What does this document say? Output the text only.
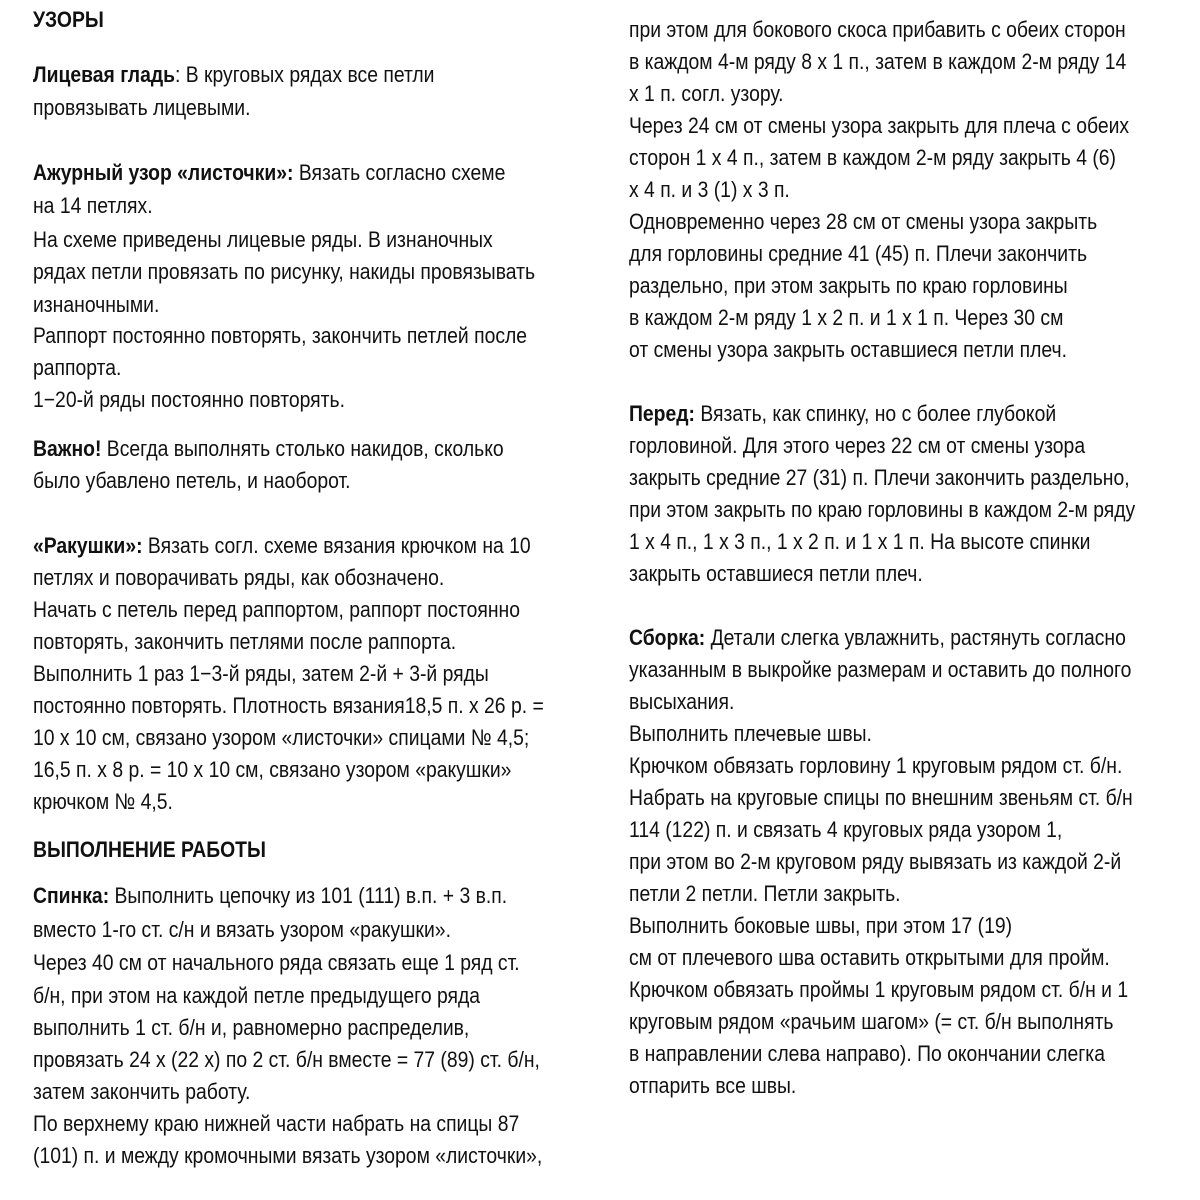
УЗОРЫ
Лицевая гладь: В круговых рядах все петли
провязывать лицевыми.
Ажурный узор «листочки»: Вязать согласно схеме
на 14 петлях.
На схеме приведены лицевые ряды. В изнаночных
рядах петли провязать по рисунку, накиды провязывать
изнаночными.
Раппорт постоянно повторять, закончить петлей после
раппорта.
1−20-й ряды постоянно повторять.
Важно! Всегда выполнять столько накидов, сколько
было убавлено петель, и наоборот.
«Ракушки»: Вязать согл. схеме вязания крючком на 10
петлях и поворачивать ряды, как обозначено.
Начать с петель перед раппортом, раппорт постоянно
повторять, закончить петлями после раппорта.
Выполнить 1 раз 1−3-й ряды, затем 2-й + 3-й ряды
постоянно повторять. Плотность вязания18,5 п. х 26 р. =
10 х 10 см, связано узором «листочки» спицами № 4,5;
16,5 п. х 8 р. = 10 х 10 см, связано узором «ракушки»
крючком № 4,5.
ВЫПОЛНЕНИЕ РАБОТЫ
Спинка: Выполнить цепочку из 101 (111) в.п. + 3 в.п.
вместо 1-го ст. с/н и вязать узором «ракушки».
Через 40 см от начального ряда связать еще 1 ряд ст.
б/н, при этом на каждой петле предыдущего ряда
выполнить 1 ст. б/н и, равномерно распределив,
провязать 24 х (22 х) по 2 ст. б/н вместе = 77 (89) ст. б/н,
затем закончить работу.
По верхнему краю нижней части набрать на спицы 87
(101) п. и между кромочными вязать узором «листочки»,
при этом для бокового скоса прибавить с обеих сторон
в каждом 4-м ряду 8 х 1 п., затем в каждом 2-м ряду 14
х 1 п. согл. узору.
Через 24 см от смены узора закрыть для плеча с обеих
сторон 1 х 4 п., затем в каждом 2-м ряду закрыть 4 (6)
х 4 п. и 3 (1) х 3 п.
Одновременно через 28 см от смены узора закрыть
для горловины средние 41 (45) п. Плечи закончить
раздельно, при этом закрыть по краю горловины
в каждом 2-м ряду 1 х 2 п. и 1 х 1 п. Через 30 см
от смены узора закрыть оставшиеся петли плеч.
Перед: Вязать, как спинку, но с более глубокой
горловиной. Для этого через 22 см от смены узора
закрыть средние 27 (31) п. Плечи закончить раздельно,
при этом закрыть по краю горловины в каждом 2-м ряду
1 х 4 п., 1 х 3 п., 1 х 2 п. и 1 х 1 п. На высоте спинки
закрыть оставшиеся петли плеч.
Сборка: Детали слегка увлажнить, растянуть согласно
указанным в выкройке размерам и оставить до полного
высыхания.
Выполнить плечевые швы.
Крючком обвязать горловину 1 круговым рядом ст. б/н.
Набрать на круговые спицы по внешним звеньям ст. б/н
114 (122) п. и связать 4 круговых ряда узором 1,
при этом во 2-м круговом ряду вывязать из каждой 2-й
петли 2 петли. Петли закрыть.
Выполнить боковые швы, при этом 17 (19)
см от плечевого шва оставить открытыми для пройм.
Крючком обвязать проймы 1 круговым рядом ст. б/н и 1
круговым рядом «рачьим шагом» (= ст. б/н выполнять
в направлении слева направо). По окончании слегка
отпарить все швы.
